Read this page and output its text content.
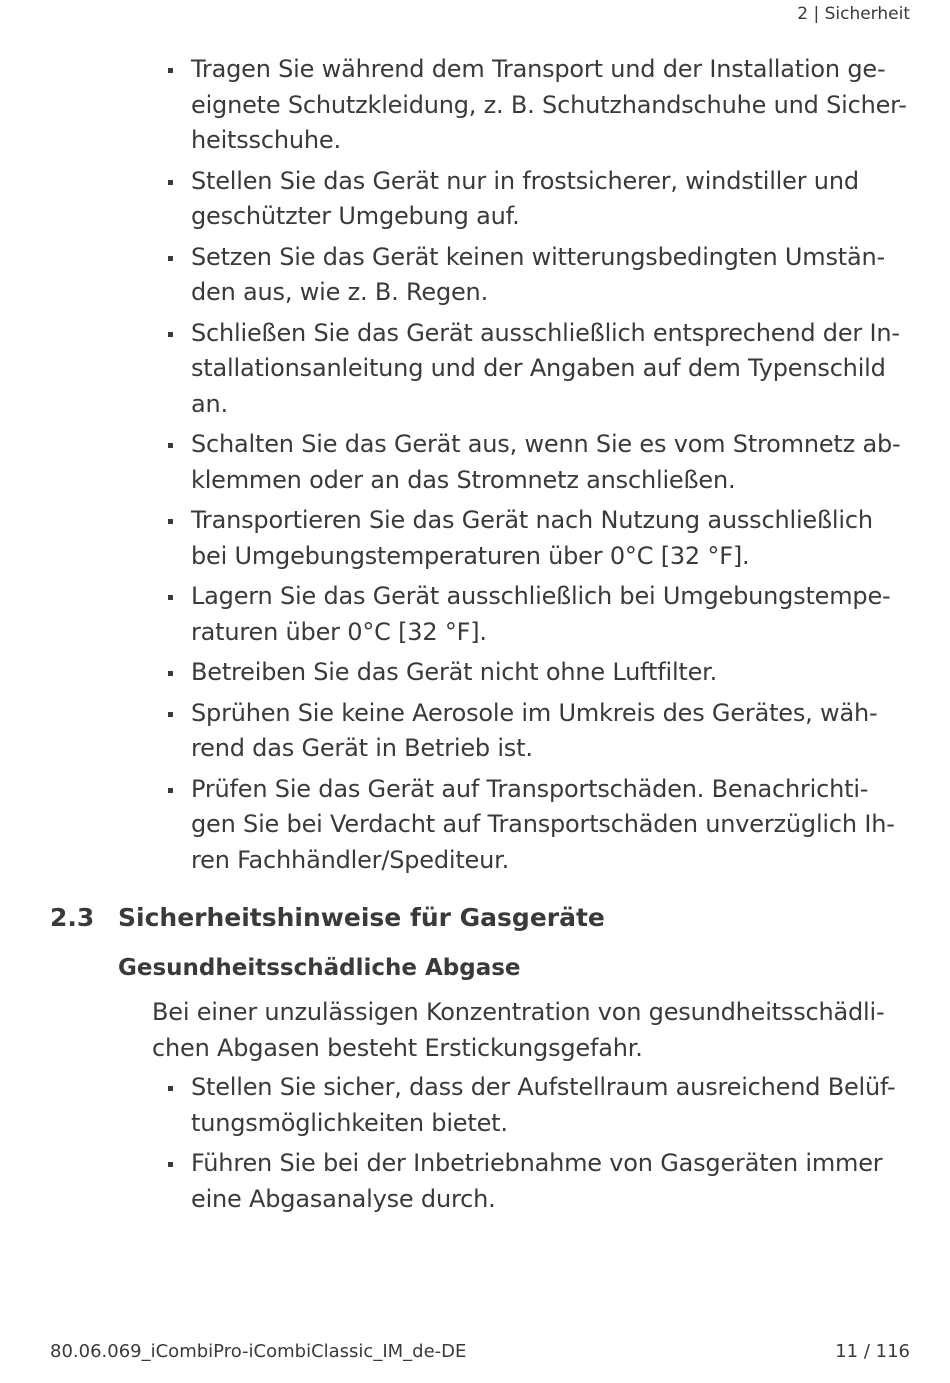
2 | Sicherheit
Tragen Sie während dem Transport und der Installation ge-
eignete Schutzkleidung, z. B. Schutzhandschuhe und Sicher-
heitsschuhe.
Stellen Sie das Gerät nur in frostsicherer, windstiller und
geschützter Umgebung auf.
Setzen Sie das Gerät keinen witterungsbedingten Umstän-
den aus, wie z. B. Regen.
Schließen Sie das Gerät ausschließlich entsprechend der In-
stallationsanleitung und der Angaben auf dem Typenschild
an.
Schalten Sie das Gerät aus, wenn Sie es vom Stromnetz ab-
klemmen oder an das Stromnetz anschließen.
Transportieren Sie das Gerät nach Nutzung ausschließlich
bei Umgebungstemperaturen über 0°C [32 °F].
Lagern Sie das Gerät ausschließlich bei Umgebungstempe-
raturen über 0°C [32 °F].
Betreiben Sie das Gerät nicht ohne Luftfilter.
Sprühen Sie keine Aerosole im Umkreis des Gerätes, wäh-
rend das Gerät in Betrieb ist.
Prüfen Sie das Gerät auf Transportschäden. Benachrichti-
gen Sie bei Verdacht auf Transportschäden unverzüglich Ih-
ren Fachhändler/Spediteur.
2.3 Sicherheitshinweise für Gasgeräte
Gesundheitsschädliche Abgase
Bei einer unzulässigen Konzentration von gesundheitsschädli-
chen Abgasen besteht Erstickungsgefahr.
Stellen Sie sicher, dass der Aufstellraum ausreichend Belüf-
tungsmöglichkeiten bietet.
Führen Sie bei der Inbetriebnahme von Gasgeräten immer
eine Abgasanalyse durch.
80.06.069_iCombiPro-iCombiClassic_IM_de-DE	11 / 116
